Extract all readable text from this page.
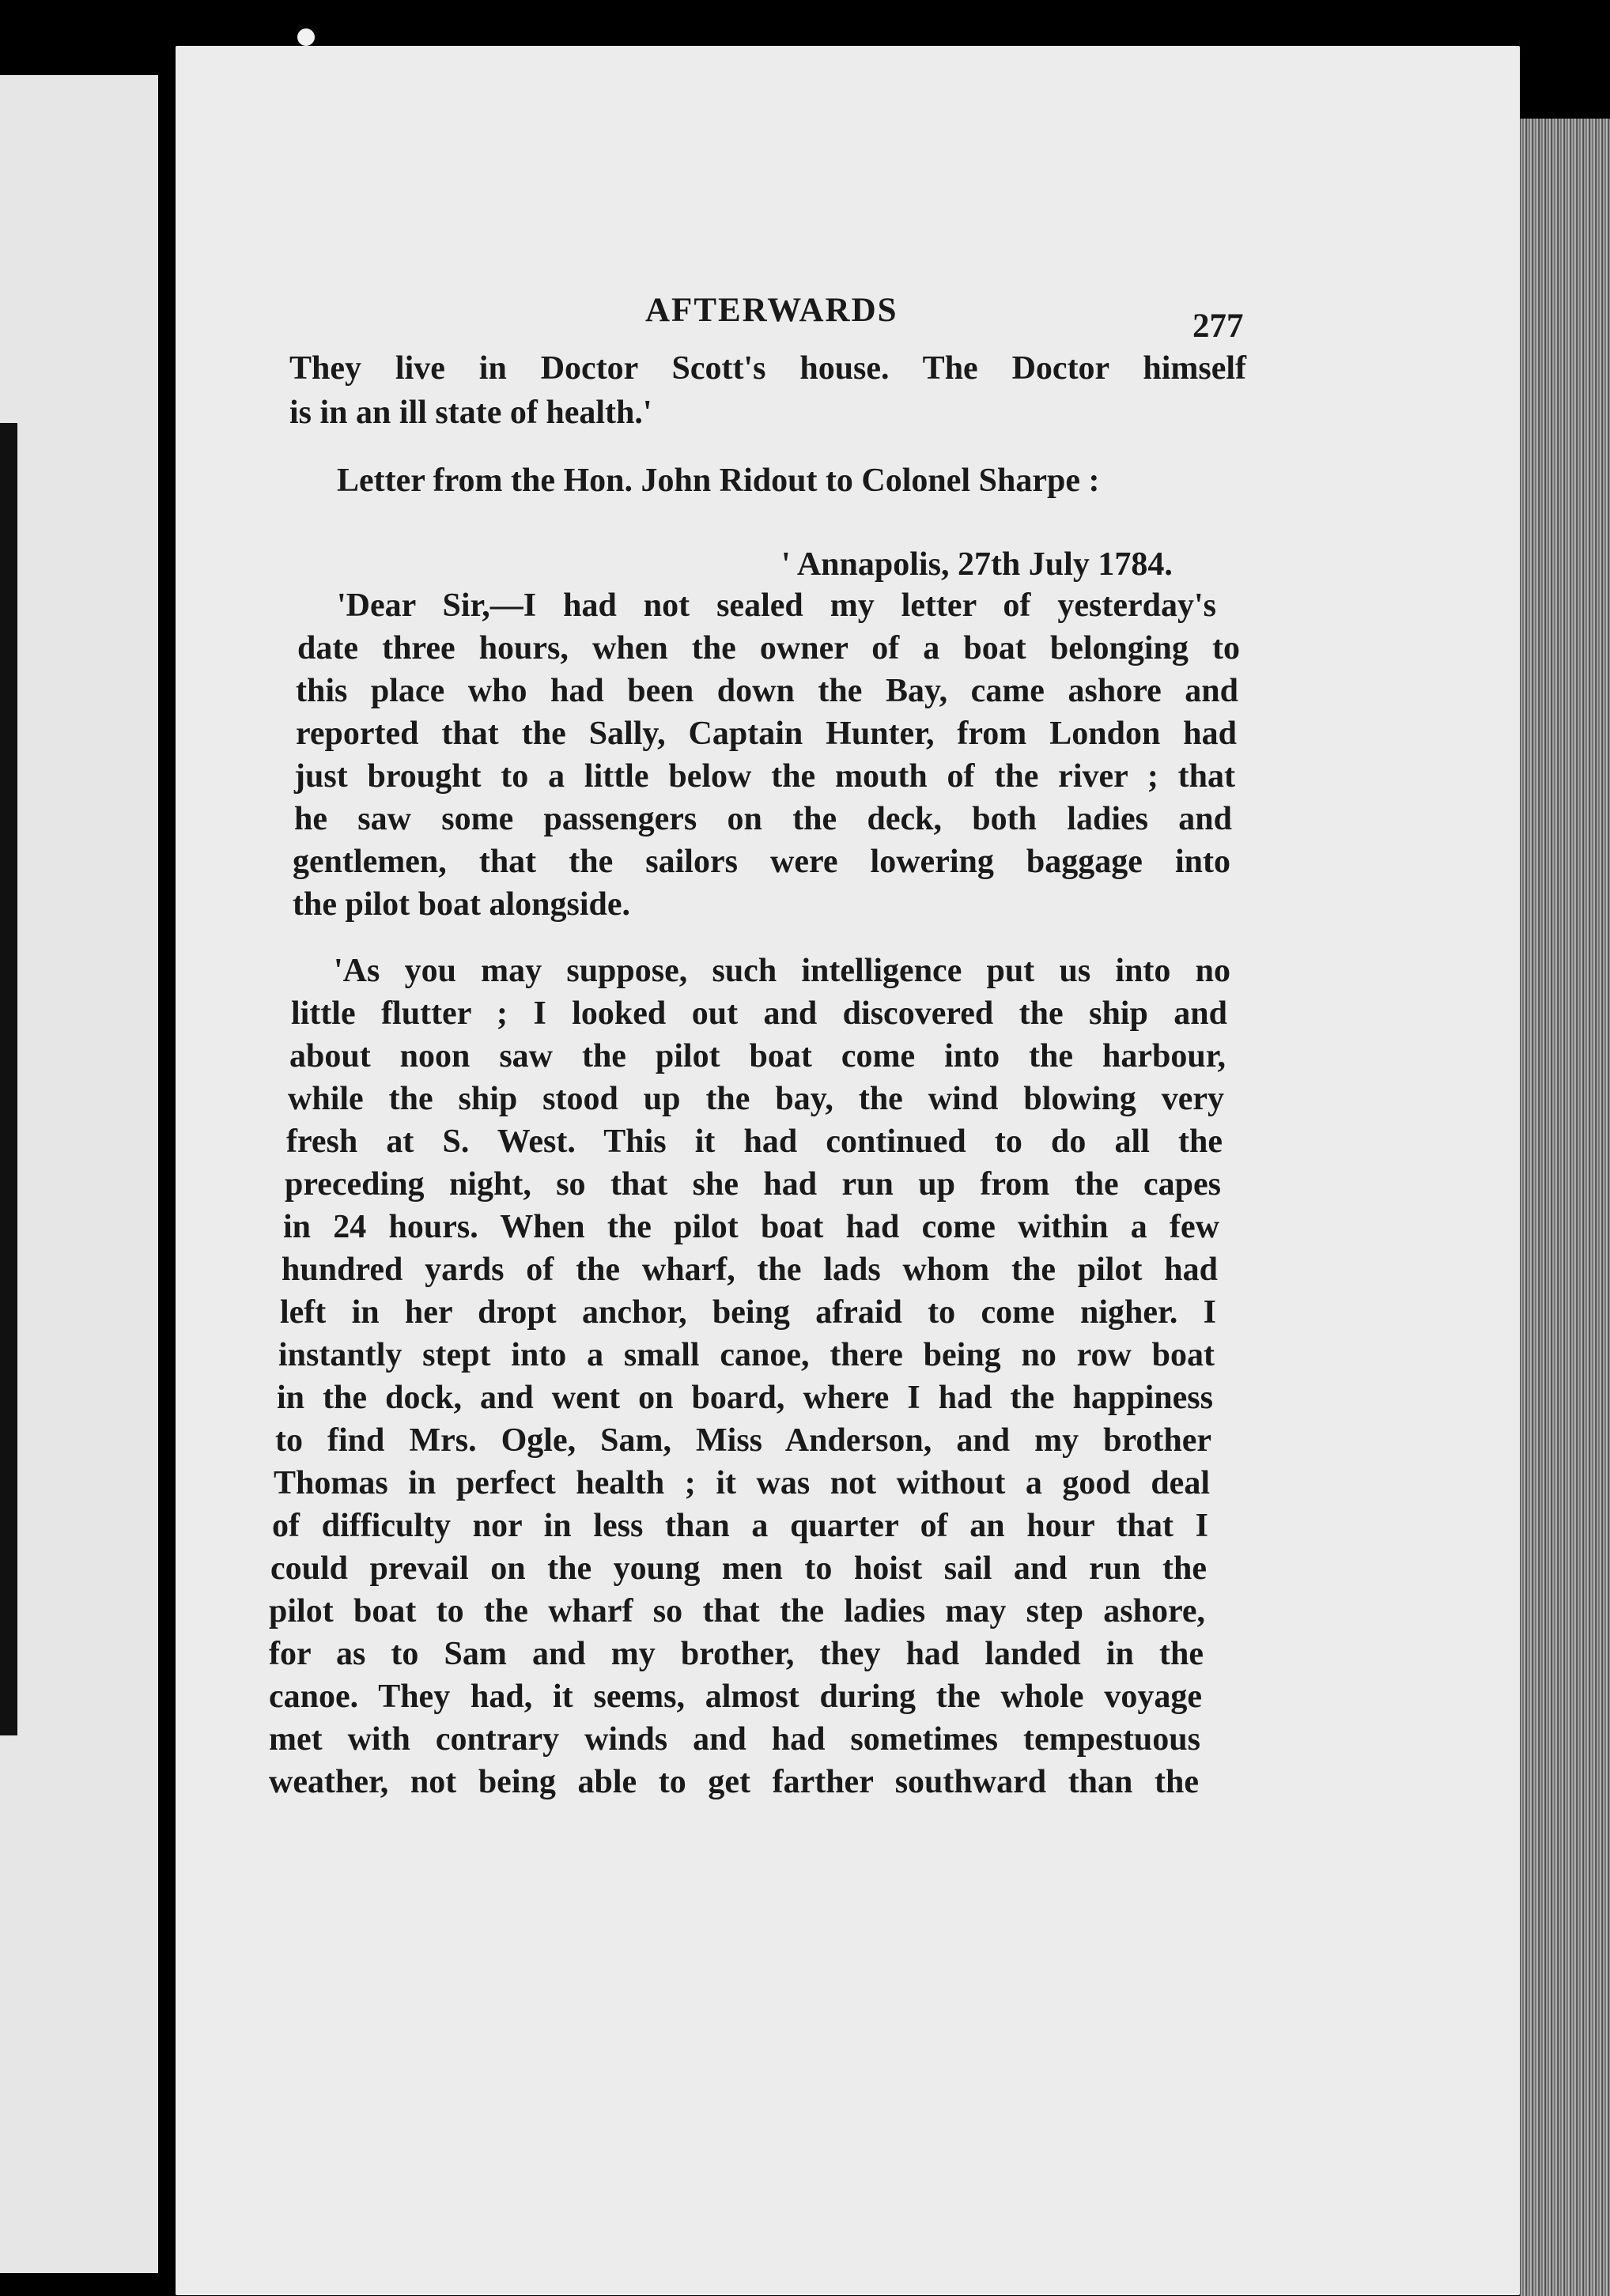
AFTERWARDS	277
They live in Doctor Scott's house. The Doctor himself
is in an ill state of health.'
Letter from the Hon. John Ridout to Colonel Sharpe :
' Annapolis, 27th July 1784.
'Dear Sir,—I had not sealed my letter of yesterday's
date three hours, when the owner of a boat belonging to
this place who had been down the Bay, came ashore and
reported that the Sally, Captain Hunter, from London had
just brought to a little below the mouth of the river ; that
he saw some passengers on the deck, both ladies and
gentlemen, that the sailors were lowering baggage into
the pilot boat alongside.
'As you may suppose, such intelligence put us into no
little flutter ; I looked out and discovered the ship and
about noon saw the pilot boat come into the harbour,
while the ship stood up the bay, the wind blowing very
fresh at S. West. This it had continued to do all the
preceding night, so that she had run up from the capes
in 24 hours. When the pilot boat had come within a few
hundred yards of the wharf, the lads whom the pilot had
left in her dropt anchor, being afraid to come nigher. I
instantly stept into a small canoe, there being no row boat
in the dock, and went on board, where I had the happiness
to find Mrs. Ogle, Sam, Miss Anderson, and my brother
Thomas in perfect health ; it was not without a good deal
of difficulty nor in less than a quarter of an hour that I
could prevail on the young men to hoist sail and run the
pilot boat to the wharf so that the ladies may step ashore,
for as to Sam and my brother, they had landed in the
canoe. They had, it seems, almost during the whole voyage
met with contrary winds and had sometimes tempestuous
weather, not being able to get farther southward than the
